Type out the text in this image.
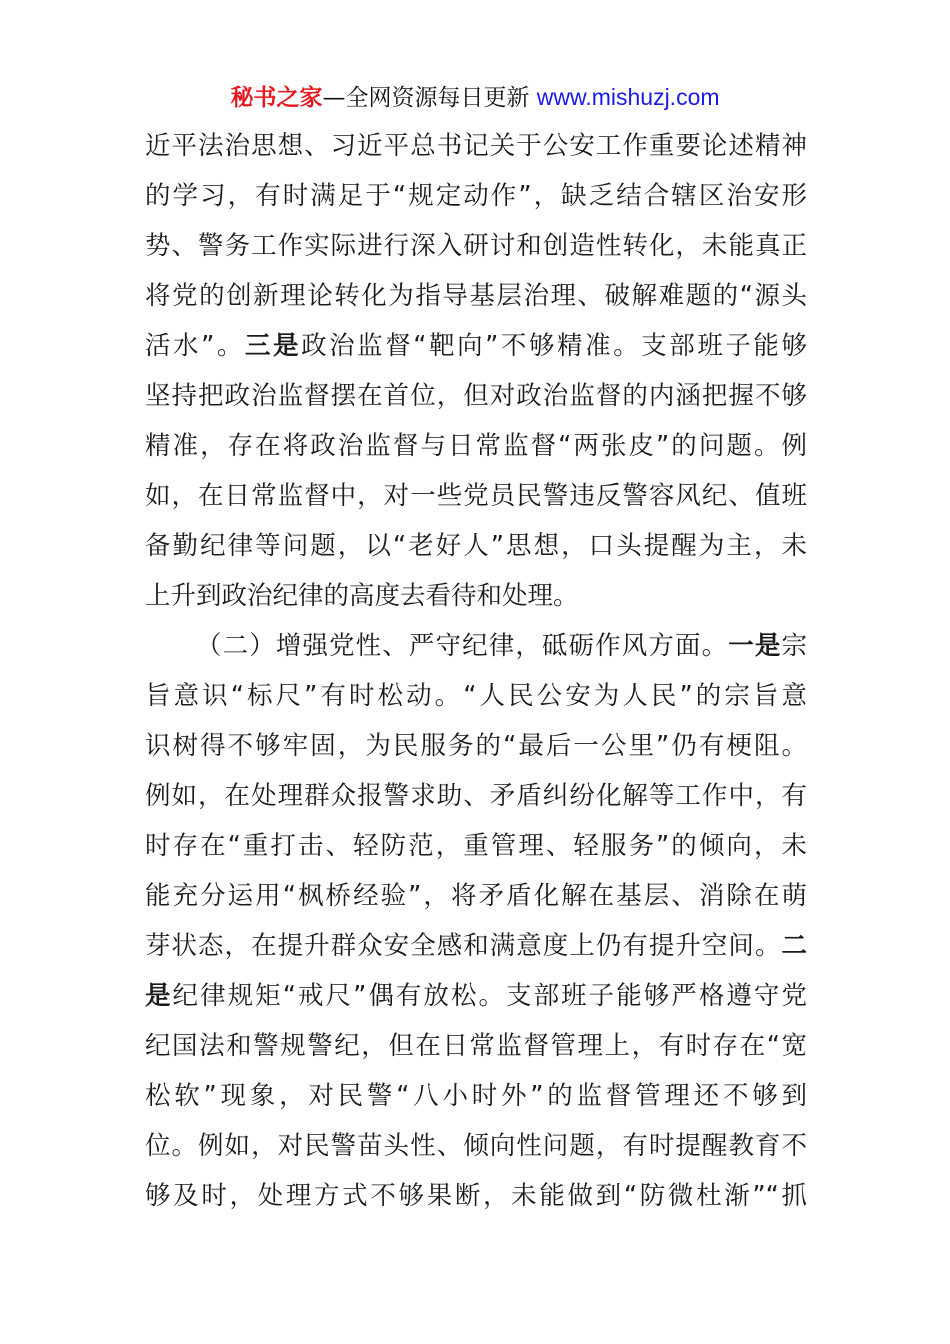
秘书之家—全网资源每日更新 www.mishuzj.com
近平法治思想、习近平总书记关于公安工作重要论述精神
的学习，有时满足于“规定动作”，缺乏结合辖区治安形
势、警务工作实际进行深入研讨和创造性转化，未能真正
将党的创新理论转化为指导基层治理、破解难题的“源头
活水”。三是政治监督“靶向”不够精准。支部班子能够
坚持把政治监督摆在首位，但对政治监督的内涵把握不够
精准，存在将政治监督与日常监督“两张皮”的问题。例
如，在日常监督中，对一些党员民警违反警容风纪、值班
备勤纪律等问题，以“老好人”思想，口头提醒为主，未
上升到政治纪律的高度去看待和处理。
（二）增强党性、严守纪律，砥砺作风方面。一是宗
旨意识“标尺”有时松动。“人民公安为人民”的宗旨意
识树得不够牢固，为民服务的“最后一公里”仍有梗阻。
例如，在处理群众报警求助、矛盾纠纷化解等工作中，有
时存在“重打击、轻防范，重管理、轻服务”的倾向，未
能充分运用“枫桥经验”，将矛盾化解在基层、消除在萌
芽状态，在提升群众安全感和满意度上仍有提升空间。二
是纪律规矩“戒尺”偶有放松。支部班子能够严格遵守党
纪国法和警规警纪，但在日常监督管理上，有时存在“宽
松软”现象，对民警“八小时外”的监督管理还不够到
位。例如，对民警苗头性、倾向性问题，有时提醒教育不
够及时，处理方式不够果断，未能做到“防微杜渐”“抓
